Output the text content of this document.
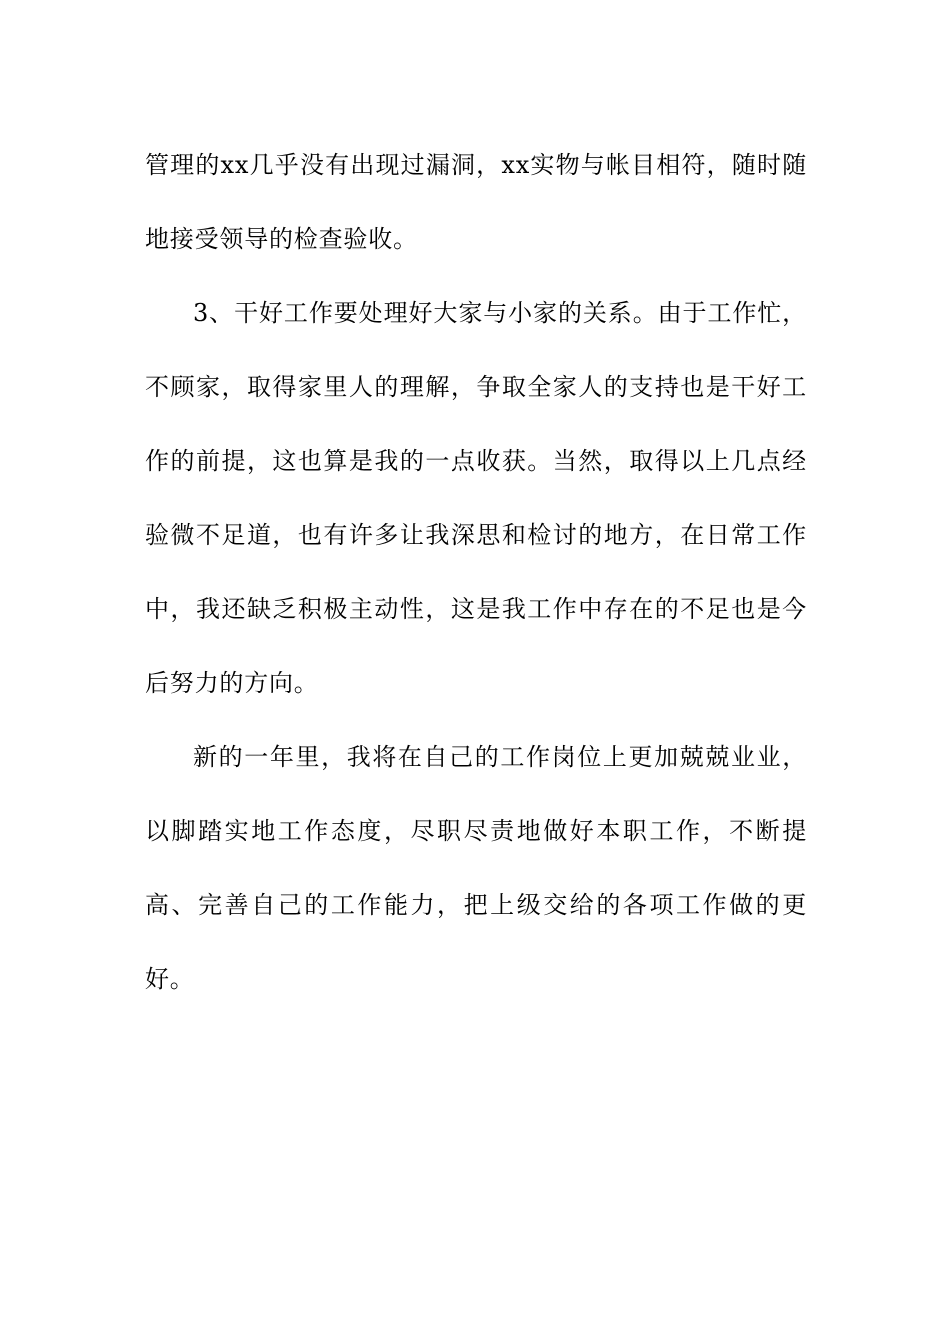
管理的xx几乎没有出现过漏洞，xx实物与帐目相符，随时随地接受领导的检查验收。

3、干好工作要处理好大家与小家的关系。由于工作忙，不顾家，取得家里人的理解，争取全家人的支持也是干好工作的前提，这也算是我的一点收获。当然，取得以上几点经验微不足道，也有许多让我深思和检讨的地方，在日常工作中，我还缺乏积极主动性，这是我工作中存在的不足也是今后努力的方向。

新的一年里，我将在自己的工作岗位上更加兢兢业业，以脚踏实地工作态度，尽职尽责地做好本职工作，不断提高、完善自己的工作能力，把上级交给的各项工作做的更好。
